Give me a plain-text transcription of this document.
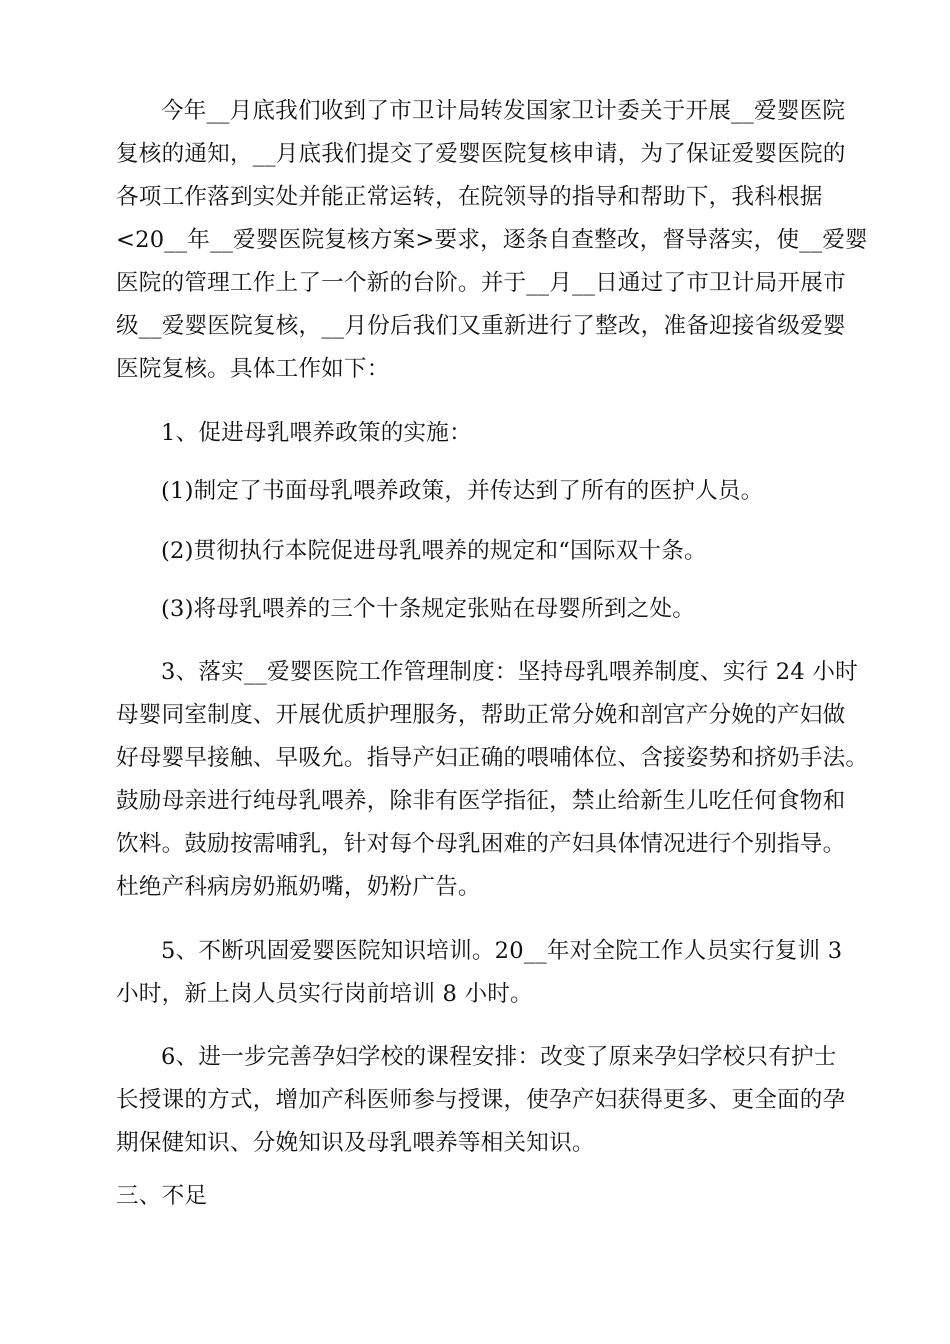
今年__月底我们收到了市卫计局转发国家卫计委关于开展__爱婴医院
复核的通知，__月底我们提交了爱婴医院复核申请，为了保证爱婴医院的
各项工作落到实处并能正常运转，在院领导的指导和帮助下，我科根据
<20__年__爱婴医院复核方案>要求，逐条自查整改，督导落实，使__爱婴
医院的管理工作上了一个新的台阶。并于__月__日通过了市卫计局开展市
级__爱婴医院复核，__月份后我们又重新进行了整改，准备迎接省级爱婴
医院复核。具体工作如下：
1、促进母乳喂养政策的实施：
(1)制定了书面母乳喂养政策，并传达到了所有的医护人员。
(2)贯彻执行本院促进母乳喂养的规定和“国际双十条。
(3)将母乳喂养的三个十条规定张贴在母婴所到之处。
3、落实__爱婴医院工作管理制度：坚持母乳喂养制度、实行 24 小时
母婴同室制度、开展优质护理服务，帮助正常分娩和剖宫产分娩的产妇做
好母婴早接触、早吸允。指导产妇正确的喂哺体位、含接姿势和挤奶手法。
鼓励母亲进行纯母乳喂养，除非有医学指征，禁止给新生儿吃任何食物和
饮料。鼓励按需哺乳，针对每个母乳困难的产妇具体情况进行个别指导。
杜绝产科病房奶瓶奶嘴，奶粉广告。
5、不断巩固爱婴医院知识培训。20__年对全院工作人员实行复训 3
小时，新上岗人员实行岗前培训 8 小时。
6、进一步完善孕妇学校的课程安排：改变了原来孕妇学校只有护士
长授课的方式，增加产科医师参与授课，使孕产妇获得更多、更全面的孕
期保健知识、分娩知识及母乳喂养等相关知识。
三、不足
